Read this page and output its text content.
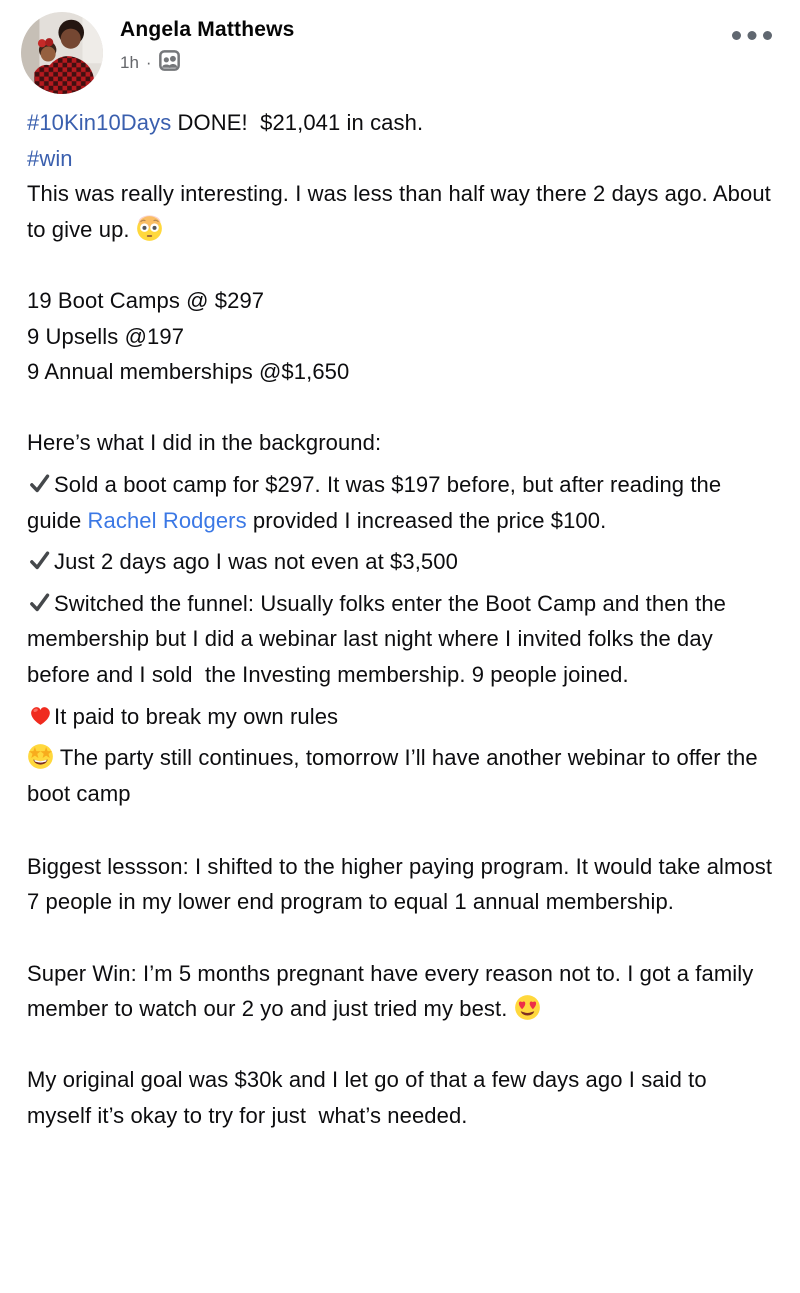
Angela Matthews
1h ·

#10Kin10Days DONE!  $21,041 in cash.

#win

This was really interesting. I was less than half way there 2 days ago. About to give up.

19 Boot Camps @ $297

9 Upsells @197

9 Annual memberships @$1,650

Here’s what I did in the background:

Sold a boot camp for $297. It was $197 before, but after reading the guide Rachel Rodgers provided I increased the price $100.

Just 2 days ago I was not even at $3,500

Switched the funnel: Usually folks enter the Boot Camp and then the membership but I did a webinar last night where I invited folks the day before and I sold  the Investing membership. 9 people joined.

It paid to break my own rules

The party still continues, tomorrow I’ll have another webinar to offer the boot camp

Biggest lessson: I shifted to the higher paying program. It would take almost 7 people in my lower end program to equal 1 annual membership.

Super Win: I’m 5 months pregnant have every reason not to. I got a family member to watch our 2 yo and just tried my best.

My original goal was $30k and I let go of that a few days ago I said to myself it’s okay to try for just  what’s needed.
